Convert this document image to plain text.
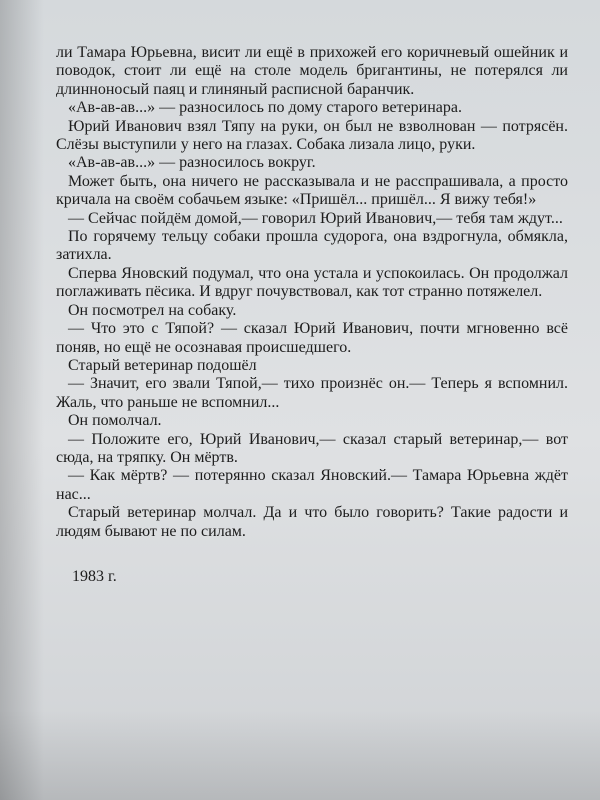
ли Тамара Юрьевна, висит ли ещё в прихожей его коричневый ошейник и поводок, стоит ли ещё на столе модель бригантины, не потерялся ли длинноносый паяц и глиняный расписной баранчик.

«Ав-ав-ав...» — разносилось по дому старого ветеринара.

Юрий Иванович взял Тяпу на руки, он был не взволнован — потрясён. Слёзы выступили у него на глазах. Собака лизала лицо, руки.

«Ав-ав-ав...» — разносилось вокруг.

Может быть, она ничего не рассказывала и не расспрашивала, а просто кричала на своём собачьем языке: «Пришёл... пришёл... Я вижу тебя!»

— Сейчас пойдём домой,— говорил Юрий Иванович,— тебя там ждут...

По горячему тельцу собаки прошла судорога, она вздрогнула, обмякла, затихла.

Сперва Яновский подумал, что она устала и успокоилась. Он продолжал поглаживать пёсика. И вдруг почувствовал, как тот странно потяжелел.

Он посмотрел на собаку.

— Что это с Тяпой? — сказал Юрий Иванович, почти мгновенно всё поняв, но ещё не осознавая происшедшего.

Старый ветеринар подошёл

— Значит, его звали Тяпой,— тихо произнёс он.— Теперь я вспомнил. Жаль, что раньше не вспомнил...

Он помолчал.

— Положите его, Юрий Иванович,— сказал старый ветеринар,— вот сюда, на тряпку. Он мёртв.

— Как мёртв? — потерянно сказал Яновский.— Тамара Юрьевна ждёт нас...

Старый ветеринар молчал. Да и что было говорить? Такие радости и людям бывают не по силам.

1983 г.
